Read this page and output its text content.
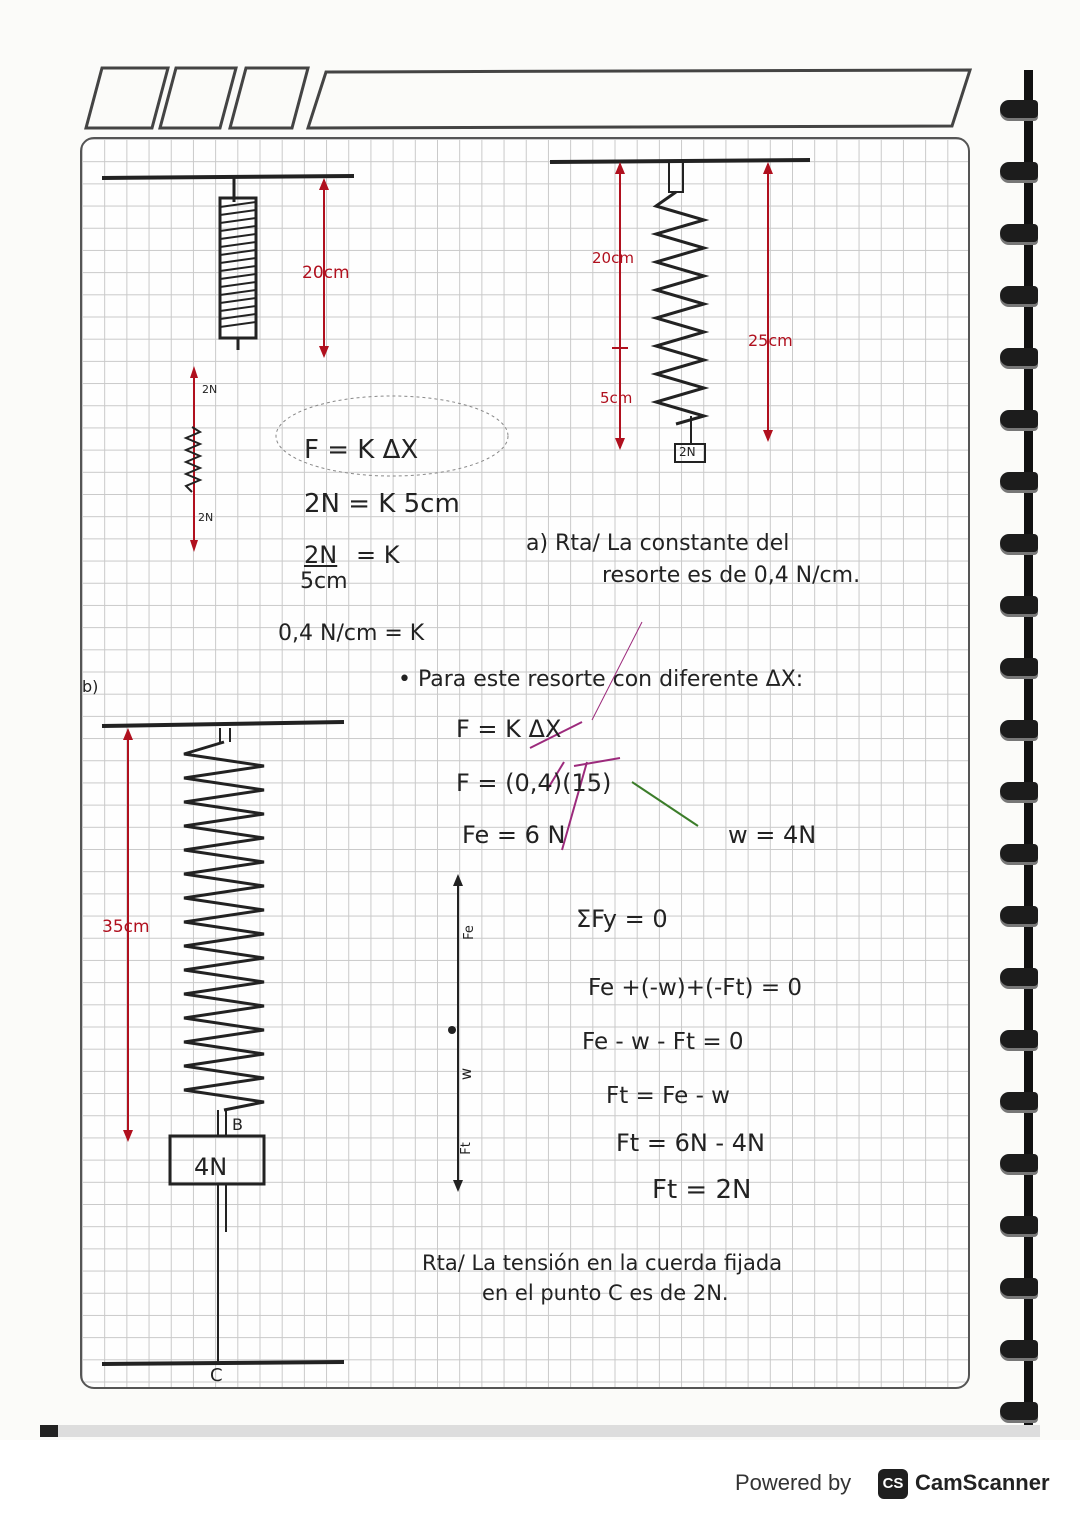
20cm
2N
2N
F = K ΔX
2N = K 5cm
2N = K
5cm
0,4 N/cm = K
20cm
5cm
25cm
2N
a) Rta/ La constante del
resorte es de 0,4 N/cm.
b)	• Para este resorte con diferente ΔX:
F = K ΔX
F = (0,4)(15)
Fe = 6 N	w = 4N
35cm
4N
B
C
Fe
w
Ft
ΣFy = 0
Fe +(-w)+(-Ft) = 0
Fe - w - Ft = 0
Ft = Fe - w
Ft = 6N - 4N
Ft = 2N
Rta/ La tensión en la cuerda fijada
en el punto C es de 2N.
Powered by	CS CamScanner
